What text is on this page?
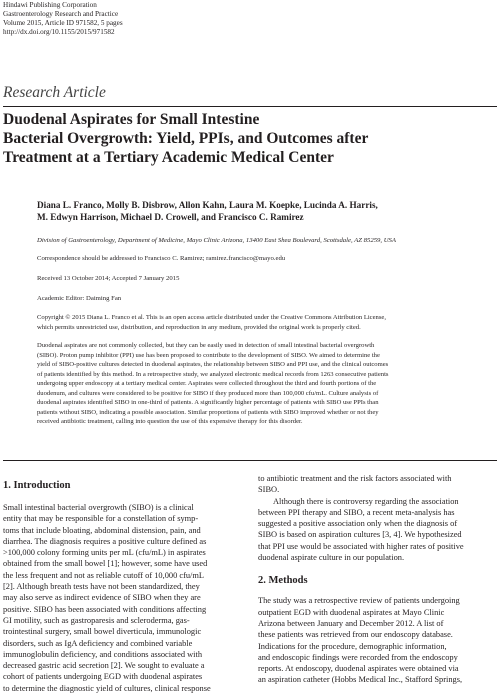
Hindawi Publishing Corporation
Gastroenterology Research and Practice
Volume 2015, Article ID 971582, 5 pages
http://dx.doi.org/10.1155/2015/971582
Research Article
Duodenal Aspirates for Small Intestine
Bacterial Overgrowth: Yield, PPIs, and Outcomes after
Treatment at a Tertiary Academic Medical Center
Diana L. Franco, Molly B. Disbrow, Allon Kahn, Laura M. Koepke, Lucinda A. Harris,
M. Edwyn Harrison, Michael D. Crowell, and Francisco C. Ramirez
Division of Gastroenterology, Department of Medicine, Mayo Clinic Arizona, 13400 East Shea Boulevard, Scottsdale, AZ 85259, USA
Correspondence should be addressed to Francisco C. Ramirez; ramirez.francisco@mayo.edu
Received 13 October 2014; Accepted 7 January 2015
Academic Editor: Daiming Fan
Copyright © 2015 Diana L. Franco et al. This is an open access article distributed under the Creative Commons Attribution License,
which permits unrestricted use, distribution, and reproduction in any medium, provided the original work is properly cited.
Duodenal aspirates are not commonly collected, but they can be easily used in detection of small intestinal bacterial overgrowth
(SIBO). Proton pump inhibitor (PPI) use has been proposed to contribute to the development of SIBO. We aimed to determine the
yield of SIBO-positive cultures detected in duodenal aspirates, the relationship between SIBO and PPI use, and the clinical outcomes
of patients identified by this method. In a retrospective study, we analyzed electronic medical records from 1263 consecutive patients
undergoing upper endoscopy at a tertiary medical center. Aspirates were collected throughout the third and fourth portions of the
duodenum, and cultures were considered to be positive for SIBO if they produced more than 100,000 cfu/mL. Culture analysis of
duodenal aspirates identified SIBO in one-third of patients. A significantly higher percentage of patients with SIBO use PPIs than
patients without SIBO, indicating a possible association. Similar proportions of patients with SIBO improved whether or not they
received antibiotic treatment, calling into question the use of this expensive therapy for this disorder.
1. Introduction
Small intestinal bacterial overgrowth (SIBO) is a clinical
entity that may be responsible for a constellation of symp-
toms that include bloating, abdominal distension, pain, and
diarrhea. The diagnosis requires a positive culture defined as
>100,000 colony forming units per mL (cfu/mL) in aspirates
obtained from the small bowel [1]; however, some have used
the less frequent and not as reliable cutoff of 10,000 cfu/mL
[2]. Although breath tests have not been standardized, they
may also serve as indirect evidence of SIBO when they are
positive. SIBO has been associated with conditions affecting
GI motility, such as gastroparesis and scleroderma, gas-
trointestinal surgery, small bowel diverticula, immunologic
disorders, such as IgA deficiency and combined variable
immunoglobulin deficiency, and conditions associated with
decreased gastric acid secretion [2]. We sought to evaluate a
cohort of patients undergoing EGD with duodenal aspirates
to determine the diagnostic yield of cultures, clinical response
to antibiotic treatment and the risk factors associated with
SIBO.
Although there is controversy regarding the association
between PPI therapy and SIBO, a recent meta-analysis has
suggested a positive association only when the diagnosis of
SIBO is based on aspiration cultures [3, 4]. We hypothesized
that PPI use would be associated with higher rates of positive
duodenal aspirate culture in our population.
2. Methods
The study was a retrospective review of patients undergoing
outpatient EGD with duodenal aspirates at Mayo Clinic
Arizona between January and December 2012. A list of
these patients was retrieved from our endoscopy database.
Indications for the procedure, demographic information,
and endoscopic findings were recorded from the endoscopy
reports. At endoscopy, duodenal aspirates were obtained via
an aspiration catheter (Hobbs Medical Inc., Stafford Springs,
